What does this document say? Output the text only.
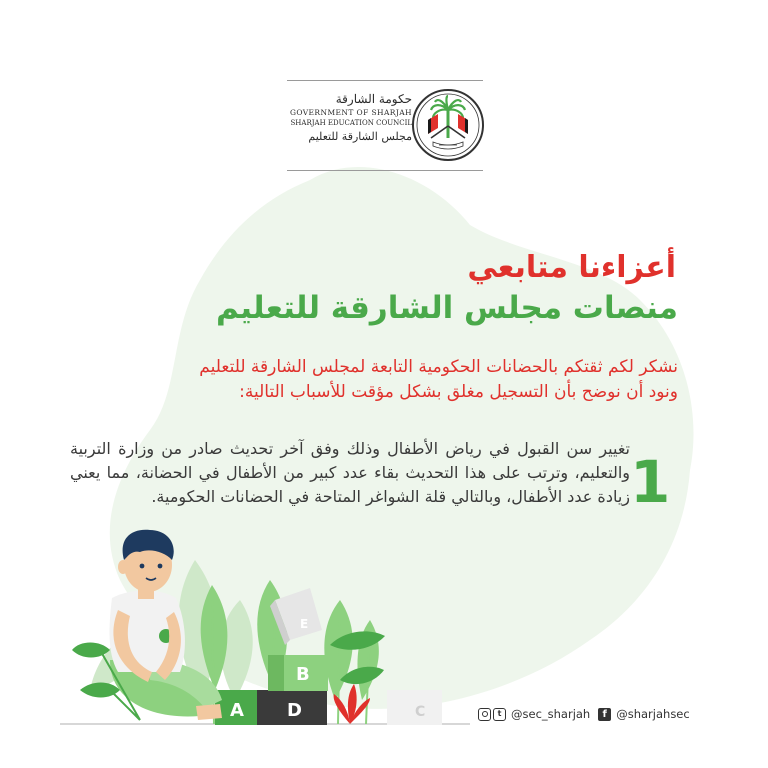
حكومة الشارقة
GOVERNMENT OF SHARJAH
SHARJAH EDUCATION COUNCIL
مجلس الشارقة للتعليم
أعزاءنا متابعي
منصات مجلس الشارقة للتعليم
نشكر لكم ثقتكم بالحضانات الحكومية التابعة لمجلس الشارقة للتعليم
ونود أن نوضح بأن التسجيل مغلق بشكل مؤقت للأسباب التالية:
1
تغيير سن القبول في رياض الأطفال وذلك وفق آخر تحديث صادر من وزارة التربية والتعليم، وترتب على هذا التحديث بقاء عدد كبير من الأطفال في الحضانة، مما يعني زيادة عدد الأطفال، وبالتالي قلة الشواغر المتاحة في الحضانات الحكومية.
E
B
A D	C	t @sec_sharjah	f @sharjahsec
